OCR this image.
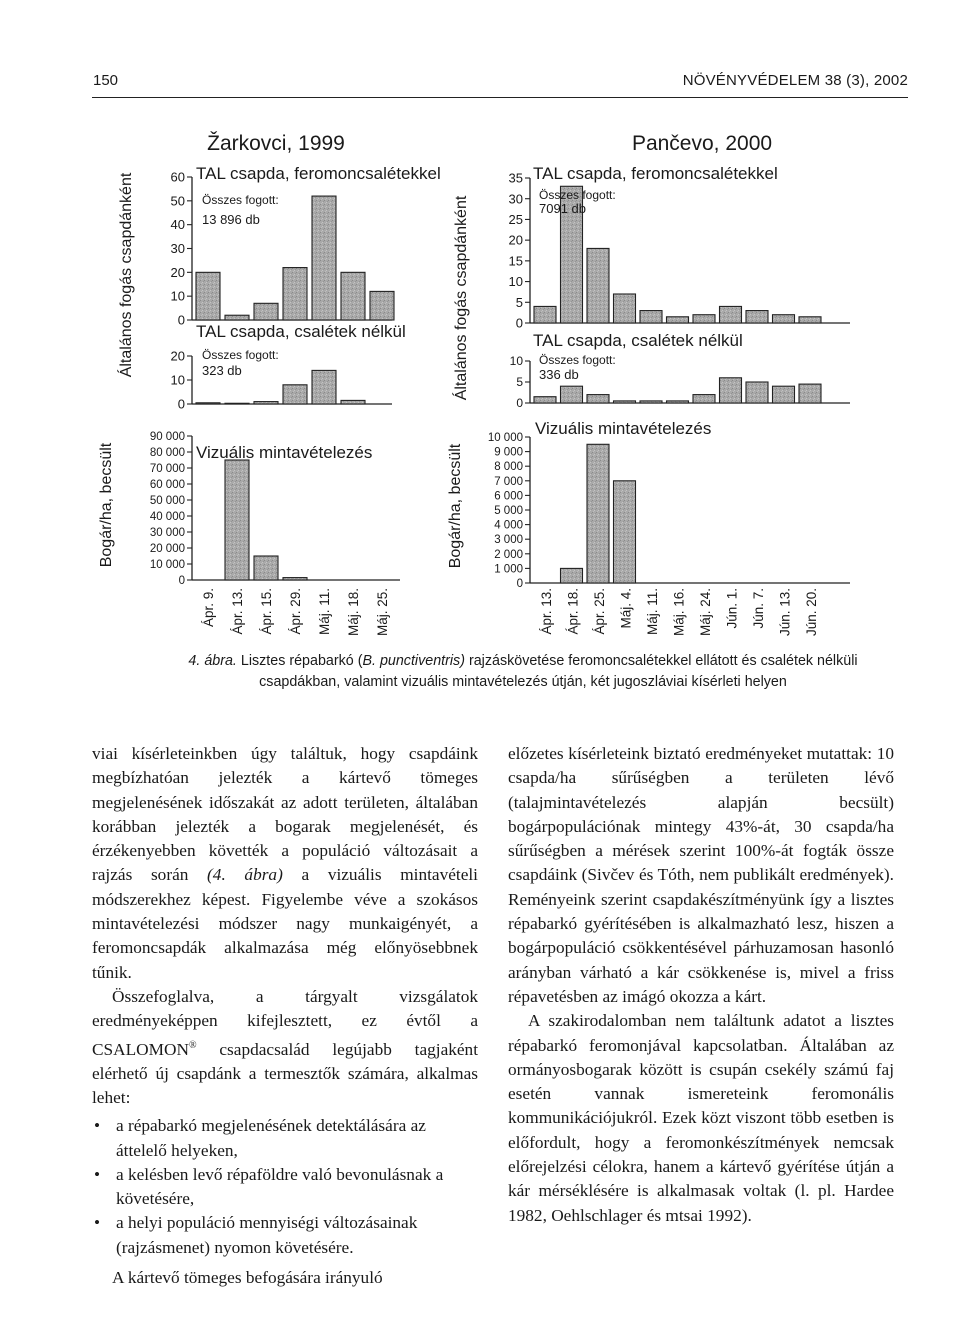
150	NÖVÉNYVÉDELEM 38 (3), 2002
Žarkovci, 1999	Pančevo, 2000
Általános fogás csapdánként
Bogár/ha, becsült
Általános fogás csapdánként
Bogár/ha, becsült
0
10
20
30
40
50
60 TAL csapda, feromoncsalétekkel
Összes fogott:
13 896 db
0
10
20
TAL csapda, csalétek nélkül
Összes fogott:
323 db
0
10 000
20 000
30 000
40 000
50 000
60 000
70 000
80 000
90 000
Vizuális mintavételezés
0
5
10
15
20
25
30
35 TAL csapda, feromoncsalétekkel
Összes fogott:
7091 db
0
5
10
TAL csapda, csalétek nélkül
Összes fogott:
336 db
0
1 000
2 000
3 000
4 000
5 000
6 000
7 000
8 000
9 000
10 000
Vizuális mintavételezés
Ápr. 9. Ápr. 13. Ápr. 15. Ápr. 29. Máj. 11. Máj. 18. Máj. 25.	Ápr. 13. Ápr. 18. Ápr. 25. Máj. 4. Máj. 11. Máj. 16. Máj. 24. Jún. 1. Jún. 7. Jún. 13. Jún. 20.
4. ábra. Lisztes répabarkó (B. punctiventris) rajzáskövetése feromoncsalétekkel ellátott és csalétek nélküli csapdákban, valamint vizuális mintavételezés útján, két jugoszláviai kísérleti helyen

viai kísérleteinkben úgy találtuk, hogy csapdáink megbízhatóan jelezték a kártevő tömeges megjelenésének időszakát az adott területen, általában korábban jelezték a bogarak megjelenését, és érzékenyebben követték a populáció változásait a rajzás során (4. ábra) a vizuális mintavételi módszerekhez képest. Figyelembe véve a szokásos mintavételezési módszer nagy munkaigényét, a feromoncsapdák alkalmazása még előnyösebbnek tűnik.

Összefoglalva, a tárgyalt vizsgálatok eredményeképpen kifejlesztett, ez évtől a CSALOMON® csapdacsalád legújabb tagjaként elérhető új csapdánk a termesztők számára, alkalmas lehet:

• a répabarkó megjelenésének detektálására az áttelelő helyeken,
• a kelésben levő répaföldre való bevonulásnak a követésére,
• a helyi populáció mennyiségi változásainak (rajzásmenet) nyomon követésére.

A kártevő tömeges befogására irányuló

előzetes kísérleteink biztató eredményeket mutattak: 10 csapda/ha sűrűségben a területen lévő (talajmintavételezés alapján becsült) bogárpopulációnak mintegy 43%-át, 30 csapda/ha sűrűségben a mérések szerint 100%-át fogták össze csapdáink (Sivčev és Tóth, nem publikált eredmények). Reményeink szerint csapdakészítményünk így a lisztes répabarkó gyérítésében is alkalmazható lesz, hiszen a bogárpopuláció csökkentésével párhuzamosan hasonló arányban várható a kár csökkenése is, mivel a friss répavetésben az imágó okozza a kárt.

A szakirodalomban nem találtunk adatot a lisztes répabarkó feromonjával kapcsolatban. Általában az ormányosbogarak között is csupán csekély számú faj esetén vannak ismereteink feromonális kommunikációjukról. Ezek közt viszont több esetben is előfordult, hogy a feromonkészítmények nemcsak előrejelzési célokra, hanem a kártevő gyérítése útján a kár mérséklésére is alkalmasak voltak (l. pl. Hardee 1982, Oehlschlager és mtsai 1992).
